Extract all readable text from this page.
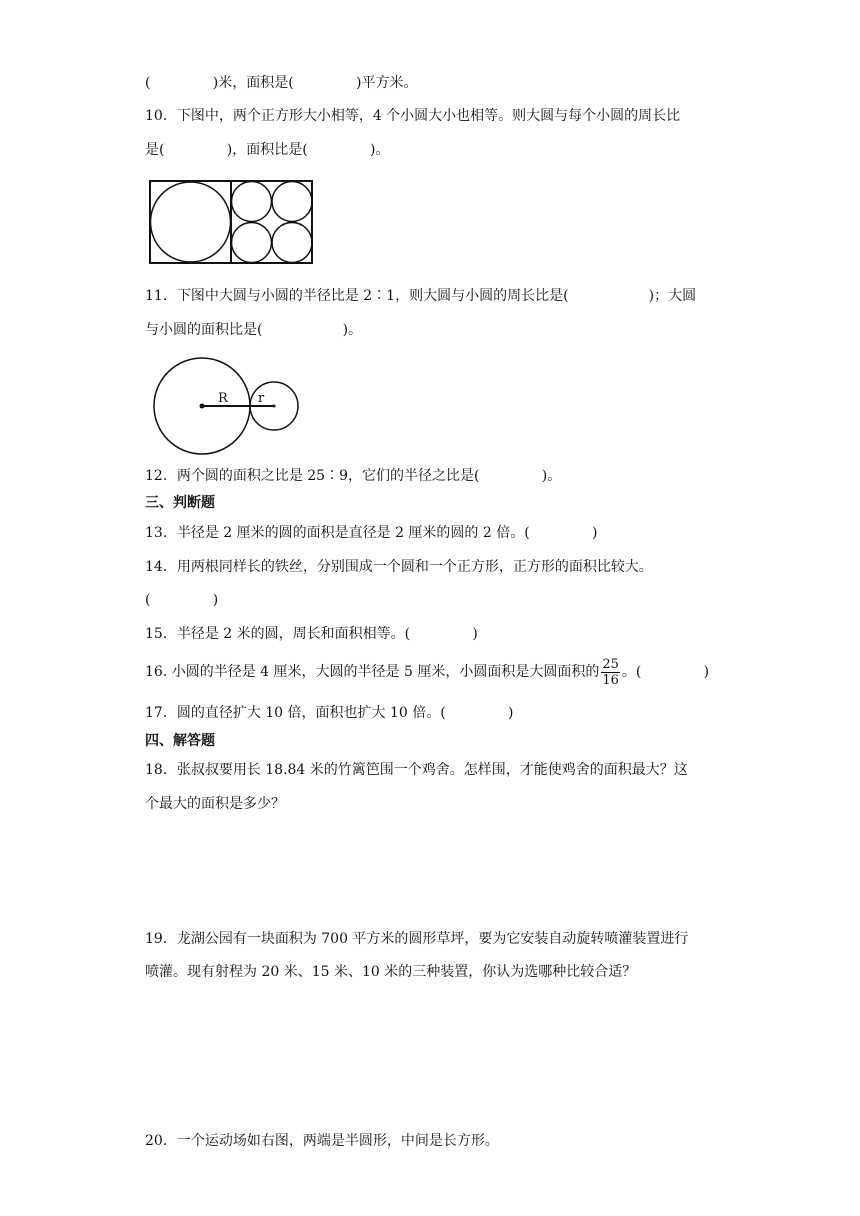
(              )米，面积是(              )平方米。
10．下图中，两个正方形大小相等，4 个小圆大小也相等。则大圆与每个小圆的周长比
是(              )，面积比是(              )。
11．下图中大圆与小圆的半径比是 2∶1，则大圆与小圆的周长比是(                  )；大圆
与小圆的面积比是(                  )。
R r
12．两个圆的面积之比是 25∶9，它们的半径之比是(              )。
三、判断题
13．半径是 2 厘米的圆的面积是直径是 2 厘米的圆的 2 倍。(              )
14．用两根同样长的铁丝，分别围成一个圆和一个正方形，正方形的面积比较大。
(              )
15．半径是 2 米的圆，周长和面积相等。(              )
16. 小圆的半径是 4 厘米，大圆的半径是 5 厘米，小圆面积是大圆面积的 $\frac{25}{16}$ 。(              )
17．圆的直径扩大 10 倍，面积也扩大 10 倍。(              )
四、解答题
18．张叔叔要用长 18.84 米的竹篱笆围一个鸡舍。怎样围，才能使鸡舍的面积最大？这
个最大的面积是多少？
19．龙湖公园有一块面积为 700 平方米的圆形草坪，要为它安装自动旋转喷灌装置进行
喷灌。现有射程为 20 米、15 米、10 米的三种装置，你认为选哪种比较合适？
20．一个运动场如右图，两端是半圆形，中间是长方形。
